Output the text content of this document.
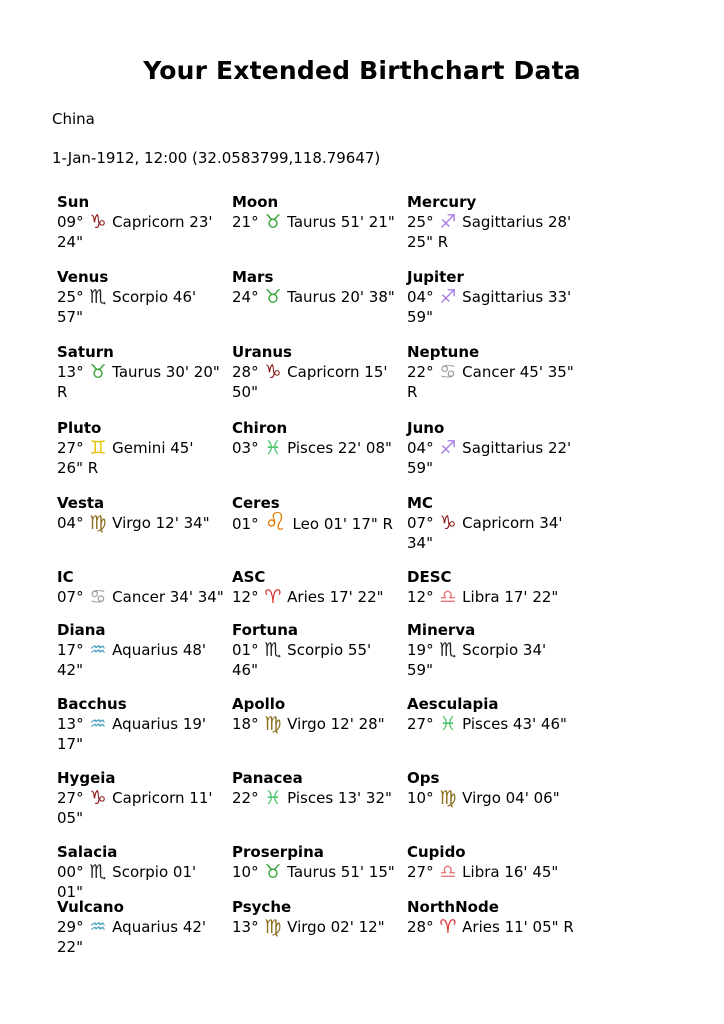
Your Extended Birthchart Data
China
1-Jan-1912, 12:00 (32.0583799,118.79647)
Sun
09° ♑ Capricorn 23' 24"
Moon
21° ♉ Taurus 51' 21"
Mercury
25° ♐ Sagittarius 28' 25" R
Venus
25° ♏ Scorpio 46' 57"
Mars
24° ♉ Taurus 20' 38"
Jupiter
04° ♐ Sagittarius 33' 59"
Saturn
13° ♉ Taurus 30' 20" R
Uranus
28° ♑ Capricorn 15' 50"
Neptune
22° ♋ Cancer 45' 35" R
Pluto
27° ♊ Gemini 45' 26" R
Chiron
03° ♓ Pisces 22' 08"
Juno
04° ♐ Sagittarius 22' 59"
Vesta
04° ♍ Virgo 12' 34"
Ceres
01° ♌ Leo 01' 17" R
MC
07° ♑ Capricorn 34' 34"
IC
07° ♋ Cancer 34' 34"
ASC
12° ♈ Aries 17' 22"
DESC
12° ♎ Libra 17' 22"
Diana
17° ♒ Aquarius 48' 42"
Fortuna
01° ♏ Scorpio 55' 46"
Minerva
19° ♏ Scorpio 34' 59"
Bacchus
13° ♒ Aquarius 19' 17"
Apollo
18° ♍ Virgo 12' 28"
Aesculapia
27° ♓ Pisces 43' 46"
Hygeia
27° ♑ Capricorn 11' 05"
Panacea
22° ♓ Pisces 13' 32"
Ops
10° ♍ Virgo 04' 06"
Salacia
00° ♏ Scorpio 01' 01"
Proserpina
10° ♉ Taurus 51' 15"
Cupido
27° ♎ Libra 16' 45"
Vulcano
29° ♒ Aquarius 42' 22"
Psyche
13° ♍ Virgo 02' 12"
NorthNode
28° ♈ Aries 11' 05" R
